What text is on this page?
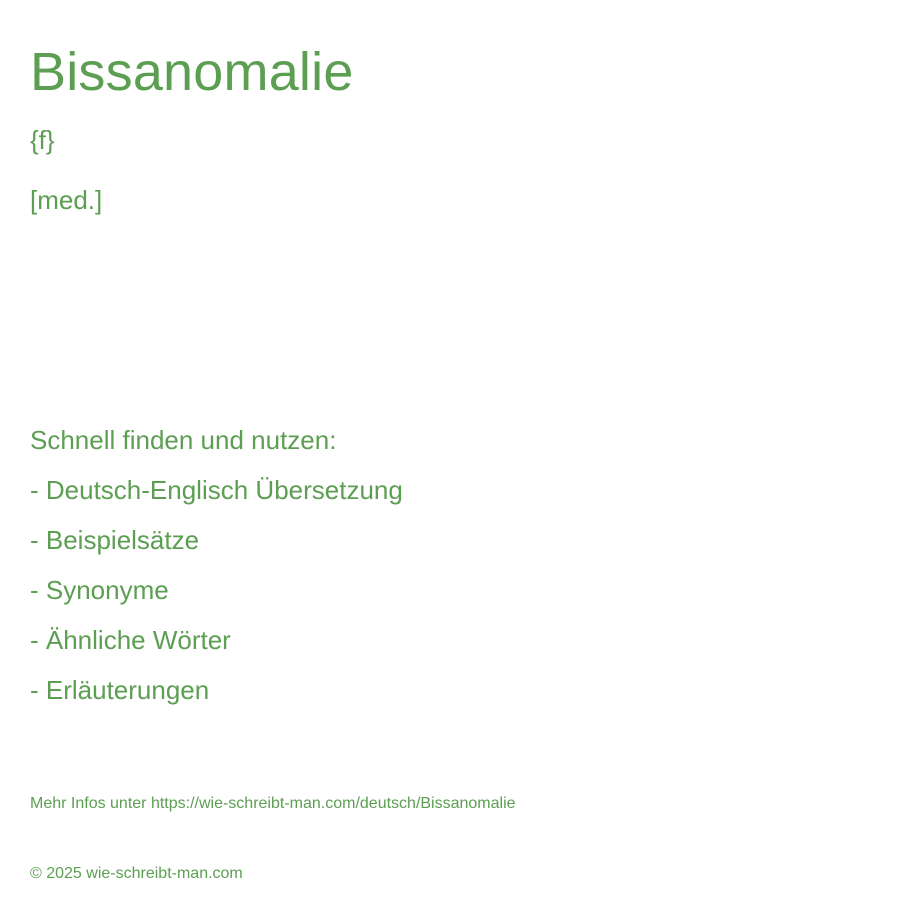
Bissanomalie
{f}
[med.]
Schnell finden und nutzen:
- Deutsch-Englisch Übersetzung
- Beispielsätze
- Synonyme
- Ähnliche Wörter
- Erläuterungen
Mehr Infos unter https://wie-schreibt-man.com/deutsch/Bissanomalie
© 2025 wie-schreibt-man.com
